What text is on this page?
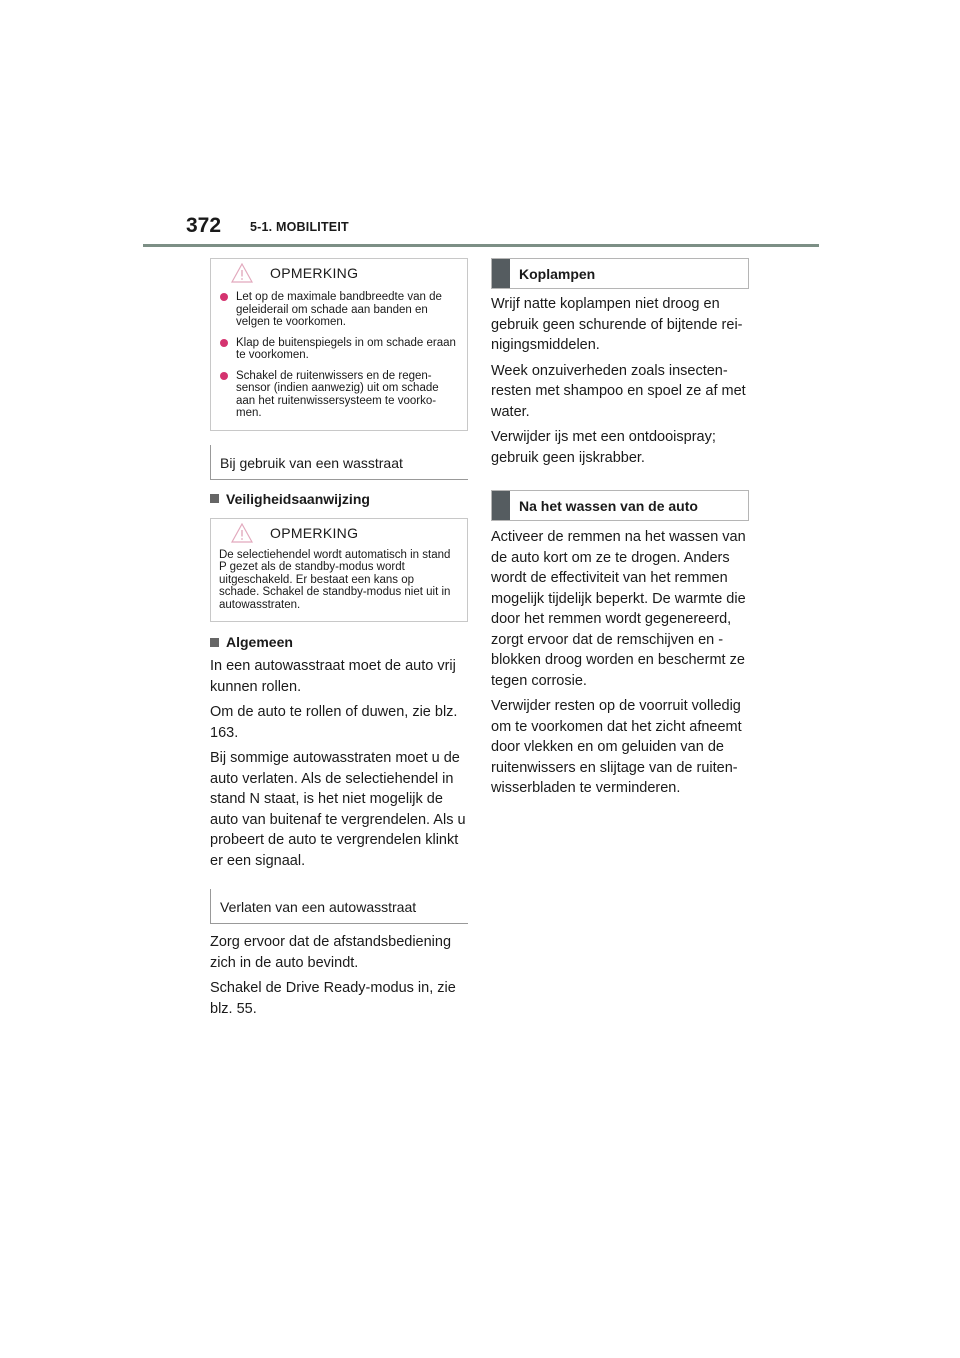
372 5-1. MOBILITEIT
OPMERKING
Let op de maximale bandbreedte van de geleiderail om schade aan banden en velgen te voorkomen.
Klap de buitenspiegels in om schade eraan te voorkomen.
Schakel de ruitenwissers en de regen-sensor (indien aanwezig) uit om schade aan het ruitenwissersysteem te voorko-men.
Bij gebruik van een wasstraat
Veiligheidsaanwijzing
OPMERKING

De selectiehendel wordt automatisch in stand P gezet als de standby-modus wordt uitgeschakeld. Er bestaat een kans op schade. Schakel de standby-modus niet uit in autowasstraten.

Algemeen

In een autowasstraat moet de auto vrij kunnen rollen.

Om de auto te rollen of duwen, zie blz. 163.

Bij sommige autowasstraten moet u de auto verlaten. Als de selectiehendel in stand N staat, is het niet mogelijk de auto van buitenaf te vergrendelen. Als u probeert de auto te vergrendelen klinkt er een signaal.

Verlaten van een autowasstraat

Zorg ervoor dat de afstandsbediening zich in de auto bevindt.

Schakel de Drive Ready-modus in, zie blz. 55.

Koplampen

Wrijf natte koplampen niet droog en gebruik geen schurende of bijtende rei-nigingsmiddelen.

Week onzuiverheden zoals insecten-resten met shampoo en spoel ze af met water.

Verwijder ijs met een ontdooispray; gebruik geen ijskrabber.

Na het wassen van de auto

Activeer de remmen na het wassen van de auto kort om ze te drogen. Anders wordt de effectiviteit van het remmen mogelijk tijdelijk beperkt. De warmte die door het remmen wordt gegenereerd, zorgt ervoor dat de remschijven en -blokken droog worden en beschermt ze tegen corrosie.

Verwijder resten op de voorruit volledig om te voorkomen dat het zicht afneemt door vlekken en om geluiden van de ruitenwissers en slijtage van de ruiten-wisserbladen te verminderen.
